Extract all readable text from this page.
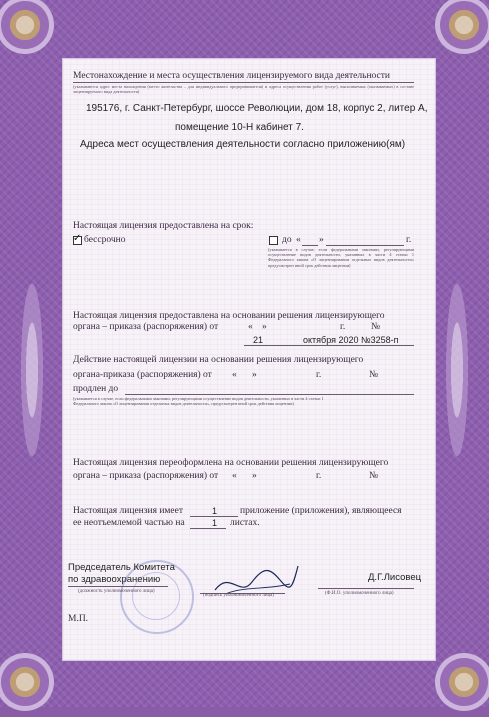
Местонахождение и места осуществления лицензируемого вида деятельности
(указываются адрес места нахождения (место жительства – для индивидуального предпринимателя) и адреса осуществления работ (услуг), выполняемых (оказываемых) в составе лицензируемого вида деятельности)
195176, г. Санкт-Петербург, шоссе Революции, дом 18, корпус 2, литер А,
помещение 10-Н кабинет 7.
Адреса мест осуществления деятельности согласно приложению(ям)
Настоящая лицензия предоставлена на срок:
✓ бессрочно	до « »	г.
(указывается в случае, если федеральными законами, регулирующими осуществление видов деятельности, указанных в части 4 статьи 1 Федерального закона «О лицензировании отдельных видов деятельности» предусмотрен иной срок действия лицензии)
Настоящая лицензия предоставлена на основании решения лицензирующего
органа – приказа (распоряжения) от	« »	г.	№
21	октября 2020 №3258-п
Действие настоящей лицензии на основании решения лицензирующего
органа-приказа (распоряжения) от « »	г.	№
продлен до
(указывается в случае, если федеральными законами, регулирующими осуществление видов деятельности, указанных в части 4 статьи 1 Федерального закона «О лицензировании отдельных видов деятельности», предусмотрен иной срок действия лицензии)
Настоящая лицензия переоформлена на основании решения лицензирующего
органа – приказа (распоряжения) от « »	г.	№
Настоящая лицензия имеет	1 приложение (приложения), являющееся
ее неотъемлемой частью на	1 листах.
Председатель Комитета
по здравоохранению
(должность уполномоченного лица)
(подпись уполномоченного лица)
Д.Г.Лисовец
(Ф.И.О. уполномоченного лица)
М.П.
